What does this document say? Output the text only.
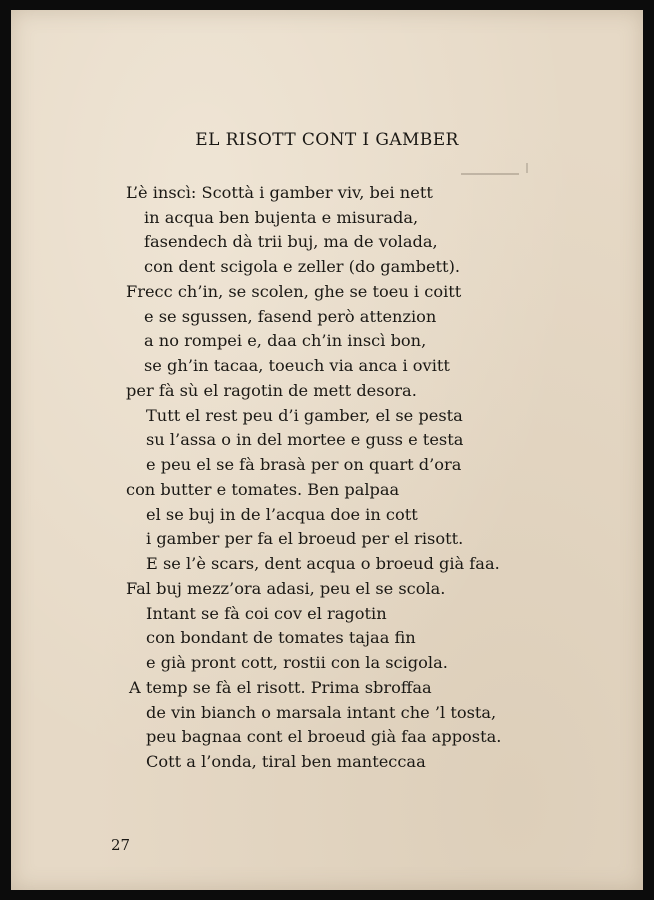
EL RISOTT CONT I GAMBER
L’è inscì: Scottà i gamber viv, bei nett
in acqua ben bujenta e misurada,
fasendech dà trii buj, ma de volada,
con dent scigola e zeller (do gambett).
Frecc ch’in, se scolen, ghe se toeu i coitt
e se sgussen, fasend però attenzion
a no rompei e, daa ch’in inscì bon,
se gh’in tacaa, toeuch via anca i ovitt
per fà sù el ragotin de mett desora.
Tutt el rest peu d’i gamber, el se pesta
su l’assa o in del mortee e guss e testa
e peu el se fà brasà per on quart d’ora
con butter e tomates. Ben palpaa
el se buj in de l’acqua doe in cott
i gamber per fa el broeud per el risott.
E se l’è scars, dent acqua o broeud già faa.
Fal buj mezz’ora adasi, peu el se scola.
Intant se fà coi cov el ragotin
con bondant de tomates tajaa fin
e già pront cott, rostii con la scigola.
A temp se fà el risott. Prima sbroffaa
de vin bianch o marsala intant che ’l tosta,
peu bagnaa cont el broeud già faa apposta.
Cott a l’onda, tiral ben manteccaa
27
